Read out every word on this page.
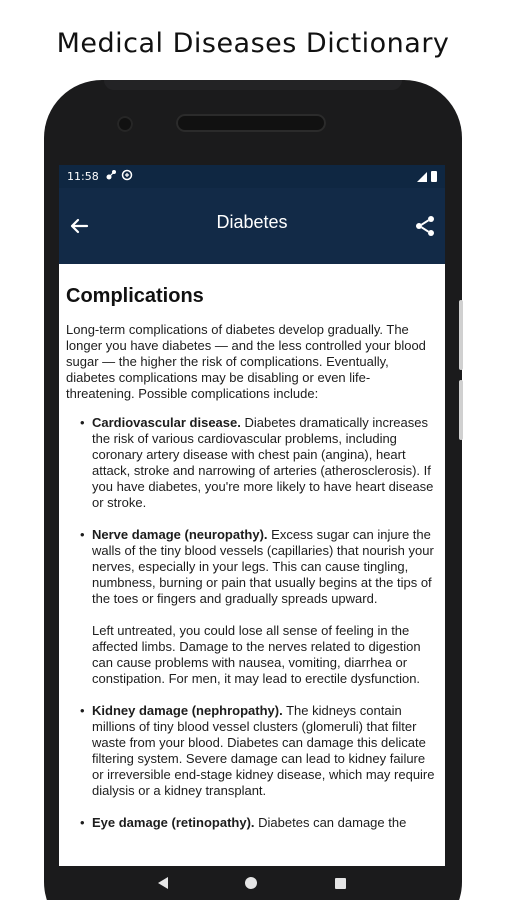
Medical Diseases Dictionary
11:58
Diabetes
Complications

Long-term complications of diabetes develop gradually. The longer you have diabetes — and the less controlled your blood sugar — the higher the risk of complications. Eventually, diabetes complications may be disabling or even life-threatening. Possible complications include:

• Cardiovascular disease. Diabetes dramatically increases the risk of various cardiovascular problems, including coronary artery disease with chest pain (angina), heart attack, stroke and narrowing of arteries (atherosclerosis). If you have diabetes, you're more likely to have heart disease or stroke.
• Nerve damage (neuropathy). Excess sugar can injure the walls of the tiny blood vessels (capillaries) that nourish your nerves, especially in your legs. This can cause tingling, numbness, burning or pain that usually begins at the tips of the toes or fingers and gradually spreads upward.
Left untreated, you could lose all sense of feeling in the affected limbs. Damage to the nerves related to digestion can cause problems with nausea, vomiting, diarrhea or constipation. For men, it may lead to erectile dysfunction.
• Kidney damage (nephropathy). The kidneys contain millions of tiny blood vessel clusters (glomeruli) that filter waste from your blood. Diabetes can damage this delicate filtering system. Severe damage can lead to kidney failure or irreversible end-stage kidney disease, which may require dialysis or a kidney transplant.
• Eye damage (retinopathy). Diabetes can damage the
